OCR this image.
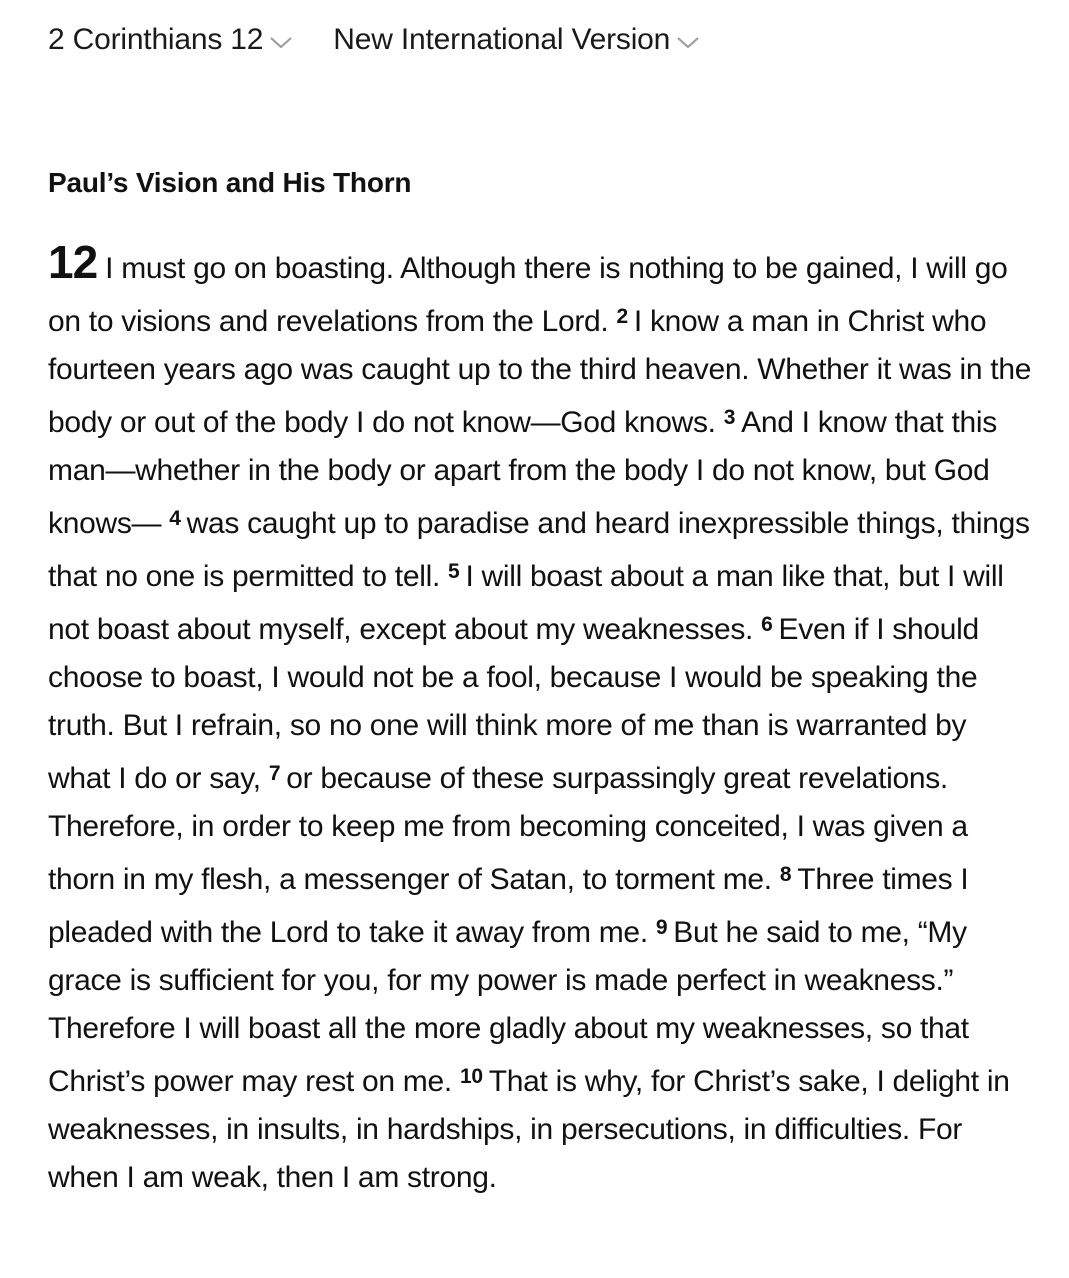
2 Corinthians 12 New International Version
Paul’s Vision and His Thorn

12 I must go on boasting. Although there is nothing to be gained, I will go on to visions and revelations from the Lord. $^2$ I know a man in Christ who fourteen years ago was caught up to the third heaven. Whether it was in the body or out of the body I do not know—God knows. $^3$ And I know that this man—whether in the body or apart from the body I do not know, but God knows— $^4$ was caught up to paradise and heard inexpressible things, things that no one is permitted to tell. $^5$ I will boast about a man like that, but I will not boast about myself, except about my weaknesses. $^6$ Even if I should choose to boast, I would not be a fool, because I would be speaking the truth. But I refrain, so no one will think more of me than is warranted by what I do or say, $^7$ or because of these surpassingly great revelations. Therefore, in order to keep me from becoming conceited, I was given a thorn in my flesh, a messenger of Satan, to torment me. $^8$ Three times I pleaded with the Lord to take it away from me. $^9$ But he said to me, “My grace is sufficient for you, for my power is made perfect in weakness.” Therefore I will boast all the more gladly about my weaknesses, so that Christ’s power may rest on me. $^{10}$ That is why, for Christ’s sake, I delight in weaknesses, in insults, in hardships, in persecutions, in difficulties. For when I am weak, then I am strong.
